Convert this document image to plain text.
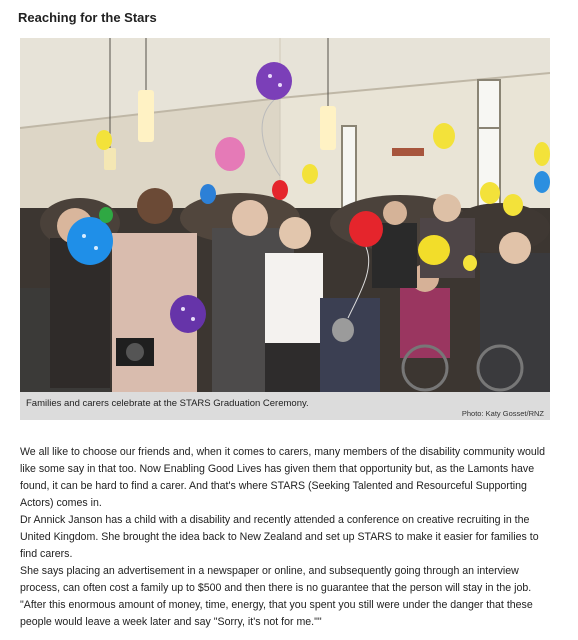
Reaching for the Stars
Families and carers celebrate at the STARS Graduation Ceremony.
Photo: Katy Gosset/RNZ

We all like to choose our friends and, when it comes to carers, many members of the disability community would like some say in that too. Now Enabling Good Lives has given them that opportunity but, as the Lamonts have found, it can be hard to find a carer. And that's where STARS (Seeking Talented and Resourceful Supporting Actors) comes in.

Dr Annick Janson has a child with a disability and recently attended a conference on creative recruiting in the United Kingdom. She brought the idea back to New Zealand and set up STARS to make it easier for families to find carers.

She says placing an advertisement in a newspaper or online, and subsequently going through an interview process, can often cost a family up to $500 and then there is no guarantee that the person will stay in the job. "After this enormous amount of money, time, energy, that you spent you still were under the danger that these people would leave a week later and say "Sorry, it's not for me.""
